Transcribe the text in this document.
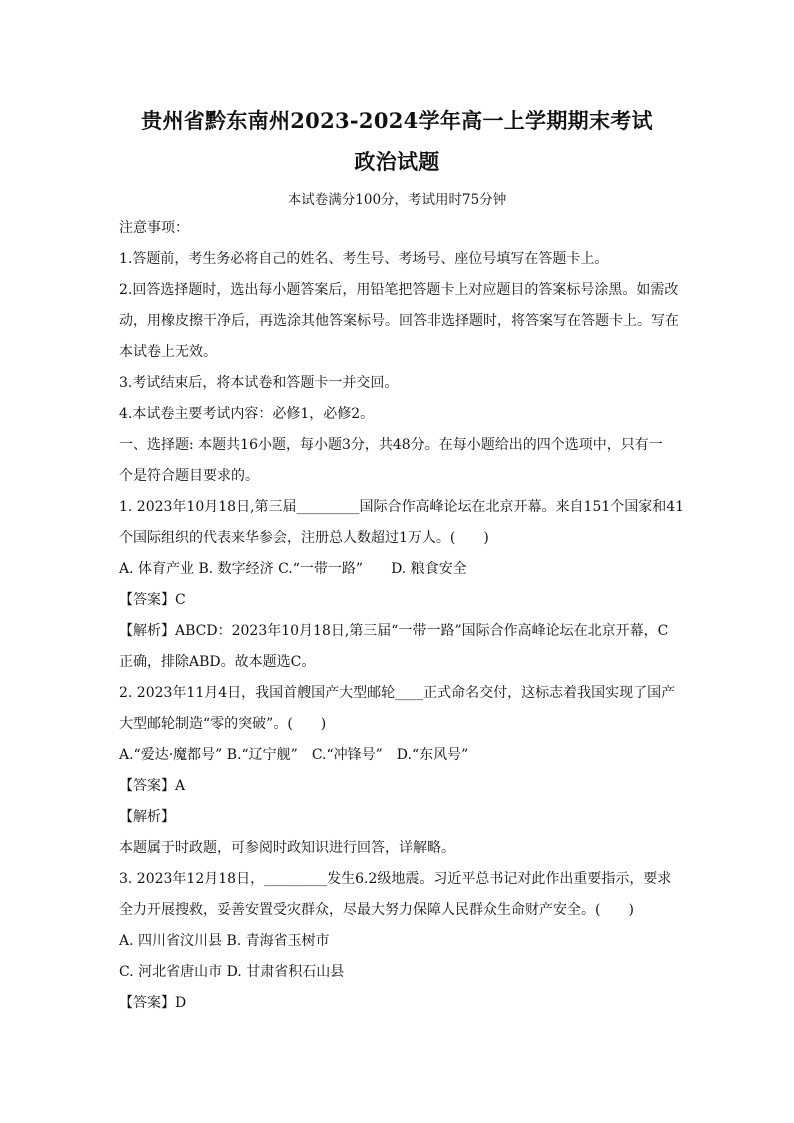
贵州省黔东南州2023-2024学年高一上学期期末考试
政治试题
本试卷满分100分，考试用时75分钟
注意事项：
1.答题前，考生务必将自己的姓名、考生号、考场号、座位号填写在答题卡上。
2.回答选择题时，选出每小题答案后，用铅笔把答题卡上对应题目的答案标号涂黑。如需改
动，用橡皮擦干净后，再选涂其他答案标号。回答非选择题时，将答案写在答题卡上。写在
本试卷上无效。
3.考试结束后，将本试卷和答题卡一并交回。
4.本试卷主要考试内容：必修1，必修2。
一、选择题: 本题共16小题，每小题3分，共48分。在每小题给出的四个选项中，只有一
个是符合题目要求的。
1. 2023年10月18日,第三届_________国际合作高峰论坛在北京开幕。来自151个国家和41
个国际组织的代表来华参会，注册总人数超过1万人。(　　)
A. 体育产业 B. 数字经济 C.“一带一路”　　D. 粮食安全
【答案】C
【解析】ABCD：2023年10月18日,第三届“一带一路”国际合作高峰论坛在北京开幕，C
正确，排除ABD。故本题选C。
2. 2023年11月4日，我国首艘国产大型邮轮____正式命名交付，这标志着我国实现了国产
大型邮轮制造“零的突破”。(　　)
A.“爱达·魔都号” B.“辽宁舰”　C.“冲锋号”　D.“东风号”
【答案】A
【解析】
本题属于时政题，可参阅时政知识进行回答，详解略。
3. 2023年12月18日，_________发生6.2级地震。习近平总书记对此作出重要指示，要求
全力开展搜救，妥善安置受灾群众，尽最大努力保障人民群众生命财产安全。(　　)
A. 四川省汶川县 B. 青海省玉树市
C. 河北省唐山市 D. 甘肃省积石山县
【答案】D
